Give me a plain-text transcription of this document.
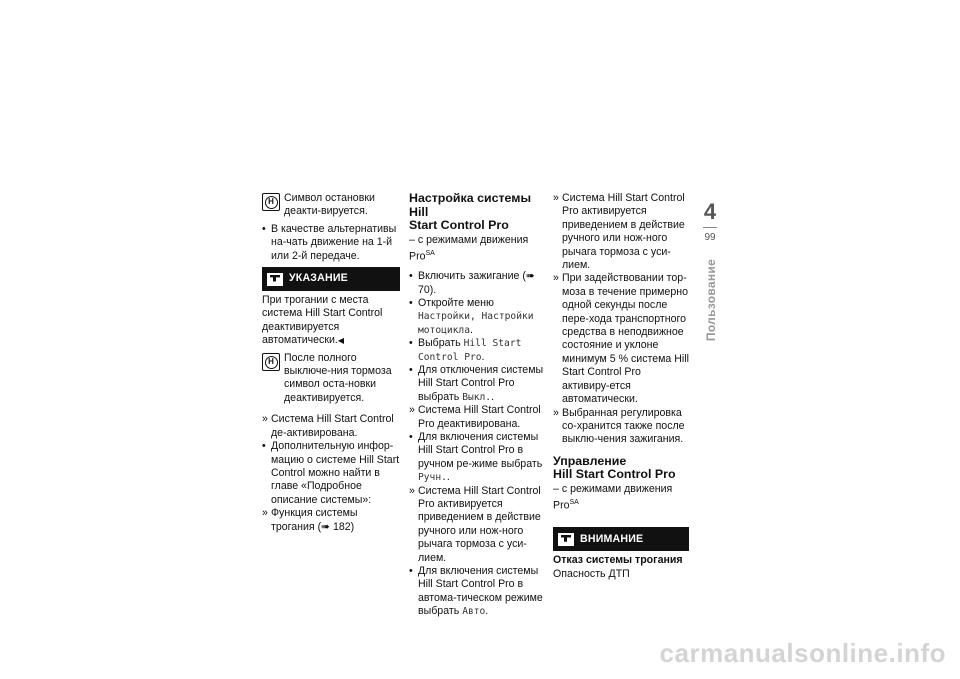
H Символ остановки деакти-вируется.
• В качестве альтернативы на-чать движение на 1-й или 2-й передаче.
УКАЗАНИЕ
При трогании с места система Hill Start Control деактивируется автоматически. ◀
H После полного выключе-ния тормоза символ оста-новки деактивируется.
» Система Hill Start Control де-активирована.
• Дополнительную инфор-мацию о системе Hill Start Control можно найти в главе «Подробное описание системы»:
» Функция системы трогания (➠ 182)
Настройка системы Hill
Start Control Pro
– с режимами движения Pro$^{SA}$
• Включить зажигание (➠ 70).
• Откройте меню Настройки, Настройки мотоцикла.
• Выбрать Hill Start Control Pro.
• Для отключения системы Hill Start Control Pro выбрать Выкл..
» Система Hill Start Control Pro деактивирована.
• Для включения системы Hill Start Control Pro в ручном ре-жиме выбрать Ручн..
» Система Hill Start Control Pro активируется приведением в действие ручного или нож-ного рычага тормоза с уси-лием.
• Для включения системы Hill Start Control Pro в автома-тическом режиме выбрать Авто.
» Система Hill Start Control Pro активируется приведением в действие ручного или нож-ного рычага тормоза с уси-лием.
» При задействовании тор-моза в течение примерно одной секунды после пере-хода транспортного средства в неподвижное состояние и уклоне минимум 5 % система Hill Start Control Pro активиру-ется автоматически.
» Выбранная регулировка со-хранится также после выклю-чения зажигания.
Управление
Hill Start Control Pro
– с режимами движения Pro$^{SA}$
ВНИМАНИЕ
Отказ системы трогания
Опасность ДТП
4
99
Пользование
carmanualsonline.info
